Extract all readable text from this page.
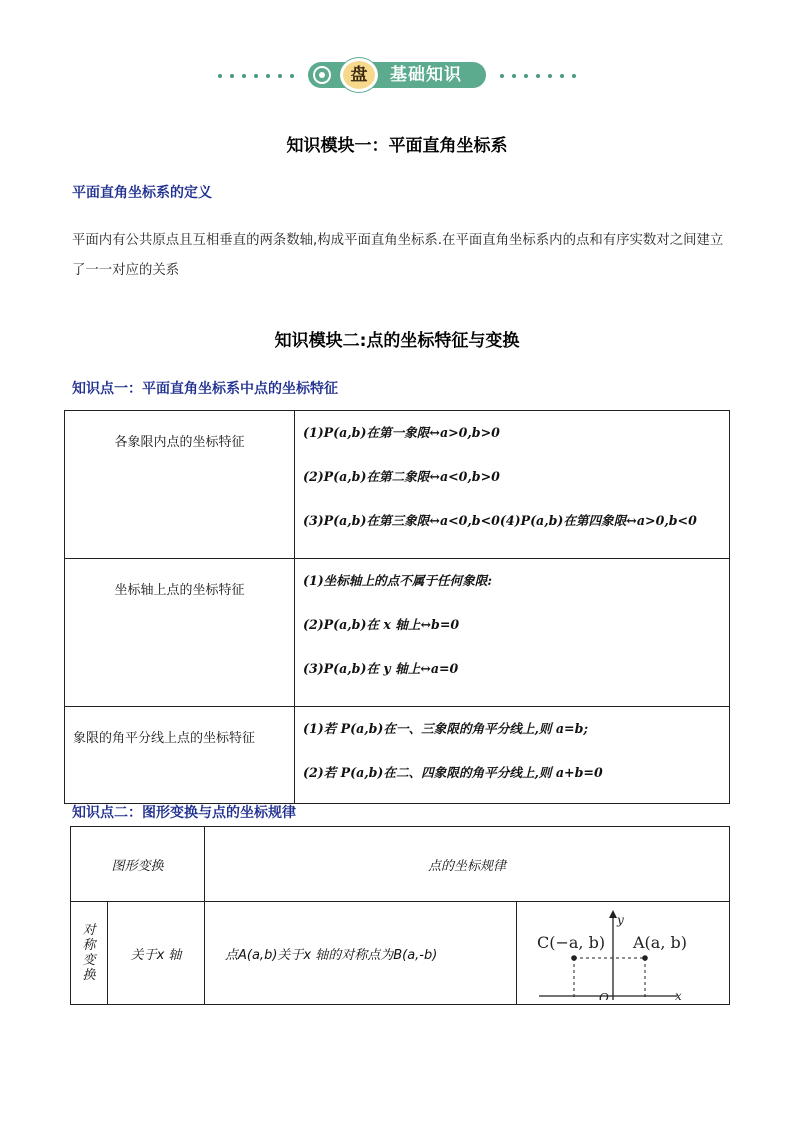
盘	基础知识
知识模块一：平面直角坐标系
平面直角坐标系的定义

平面内有公共原点且互相垂直的两条数轴,构成平面直角坐标系.在平面直角坐标系内的点和有序实数对之间建立了一一对应的关系

知识模块二:点的坐标特征与变换
知识点一：平面直角坐标系中点的坐标特征
各象限内点的坐标特征	(1)P(a,b)在第一象限↔a>0,b>0
(2)P(a,b)在第二象限↔a<0,b>0
(3)P(a,b)在第三象限↔a<0,b<0(4)P(a,b)在第四象限↔a>0,b<0

坐标轴上点的坐标特征	(1)坐标轴上的点不属于任何象限:
(2)P(a,b)在 x 轴上↔b=0
(3)P(a,b)在 y 轴上↔a=0

象限的角平分线上点的坐标特征	(1)若 P(a,b)在一、三象限的角平分线上,则 a=b;
(2)若 P(a,b)在二、四象限的角平分线上,则 a+b=0
知识点二：图形变换与点的坐标规律
图形变换		点的坐标规律	

对称变换	关于x 轴	点A(a,b)关于x 轴的对称点为B(a,-b)	C(−a, b) A(a, b)
y
x
O
